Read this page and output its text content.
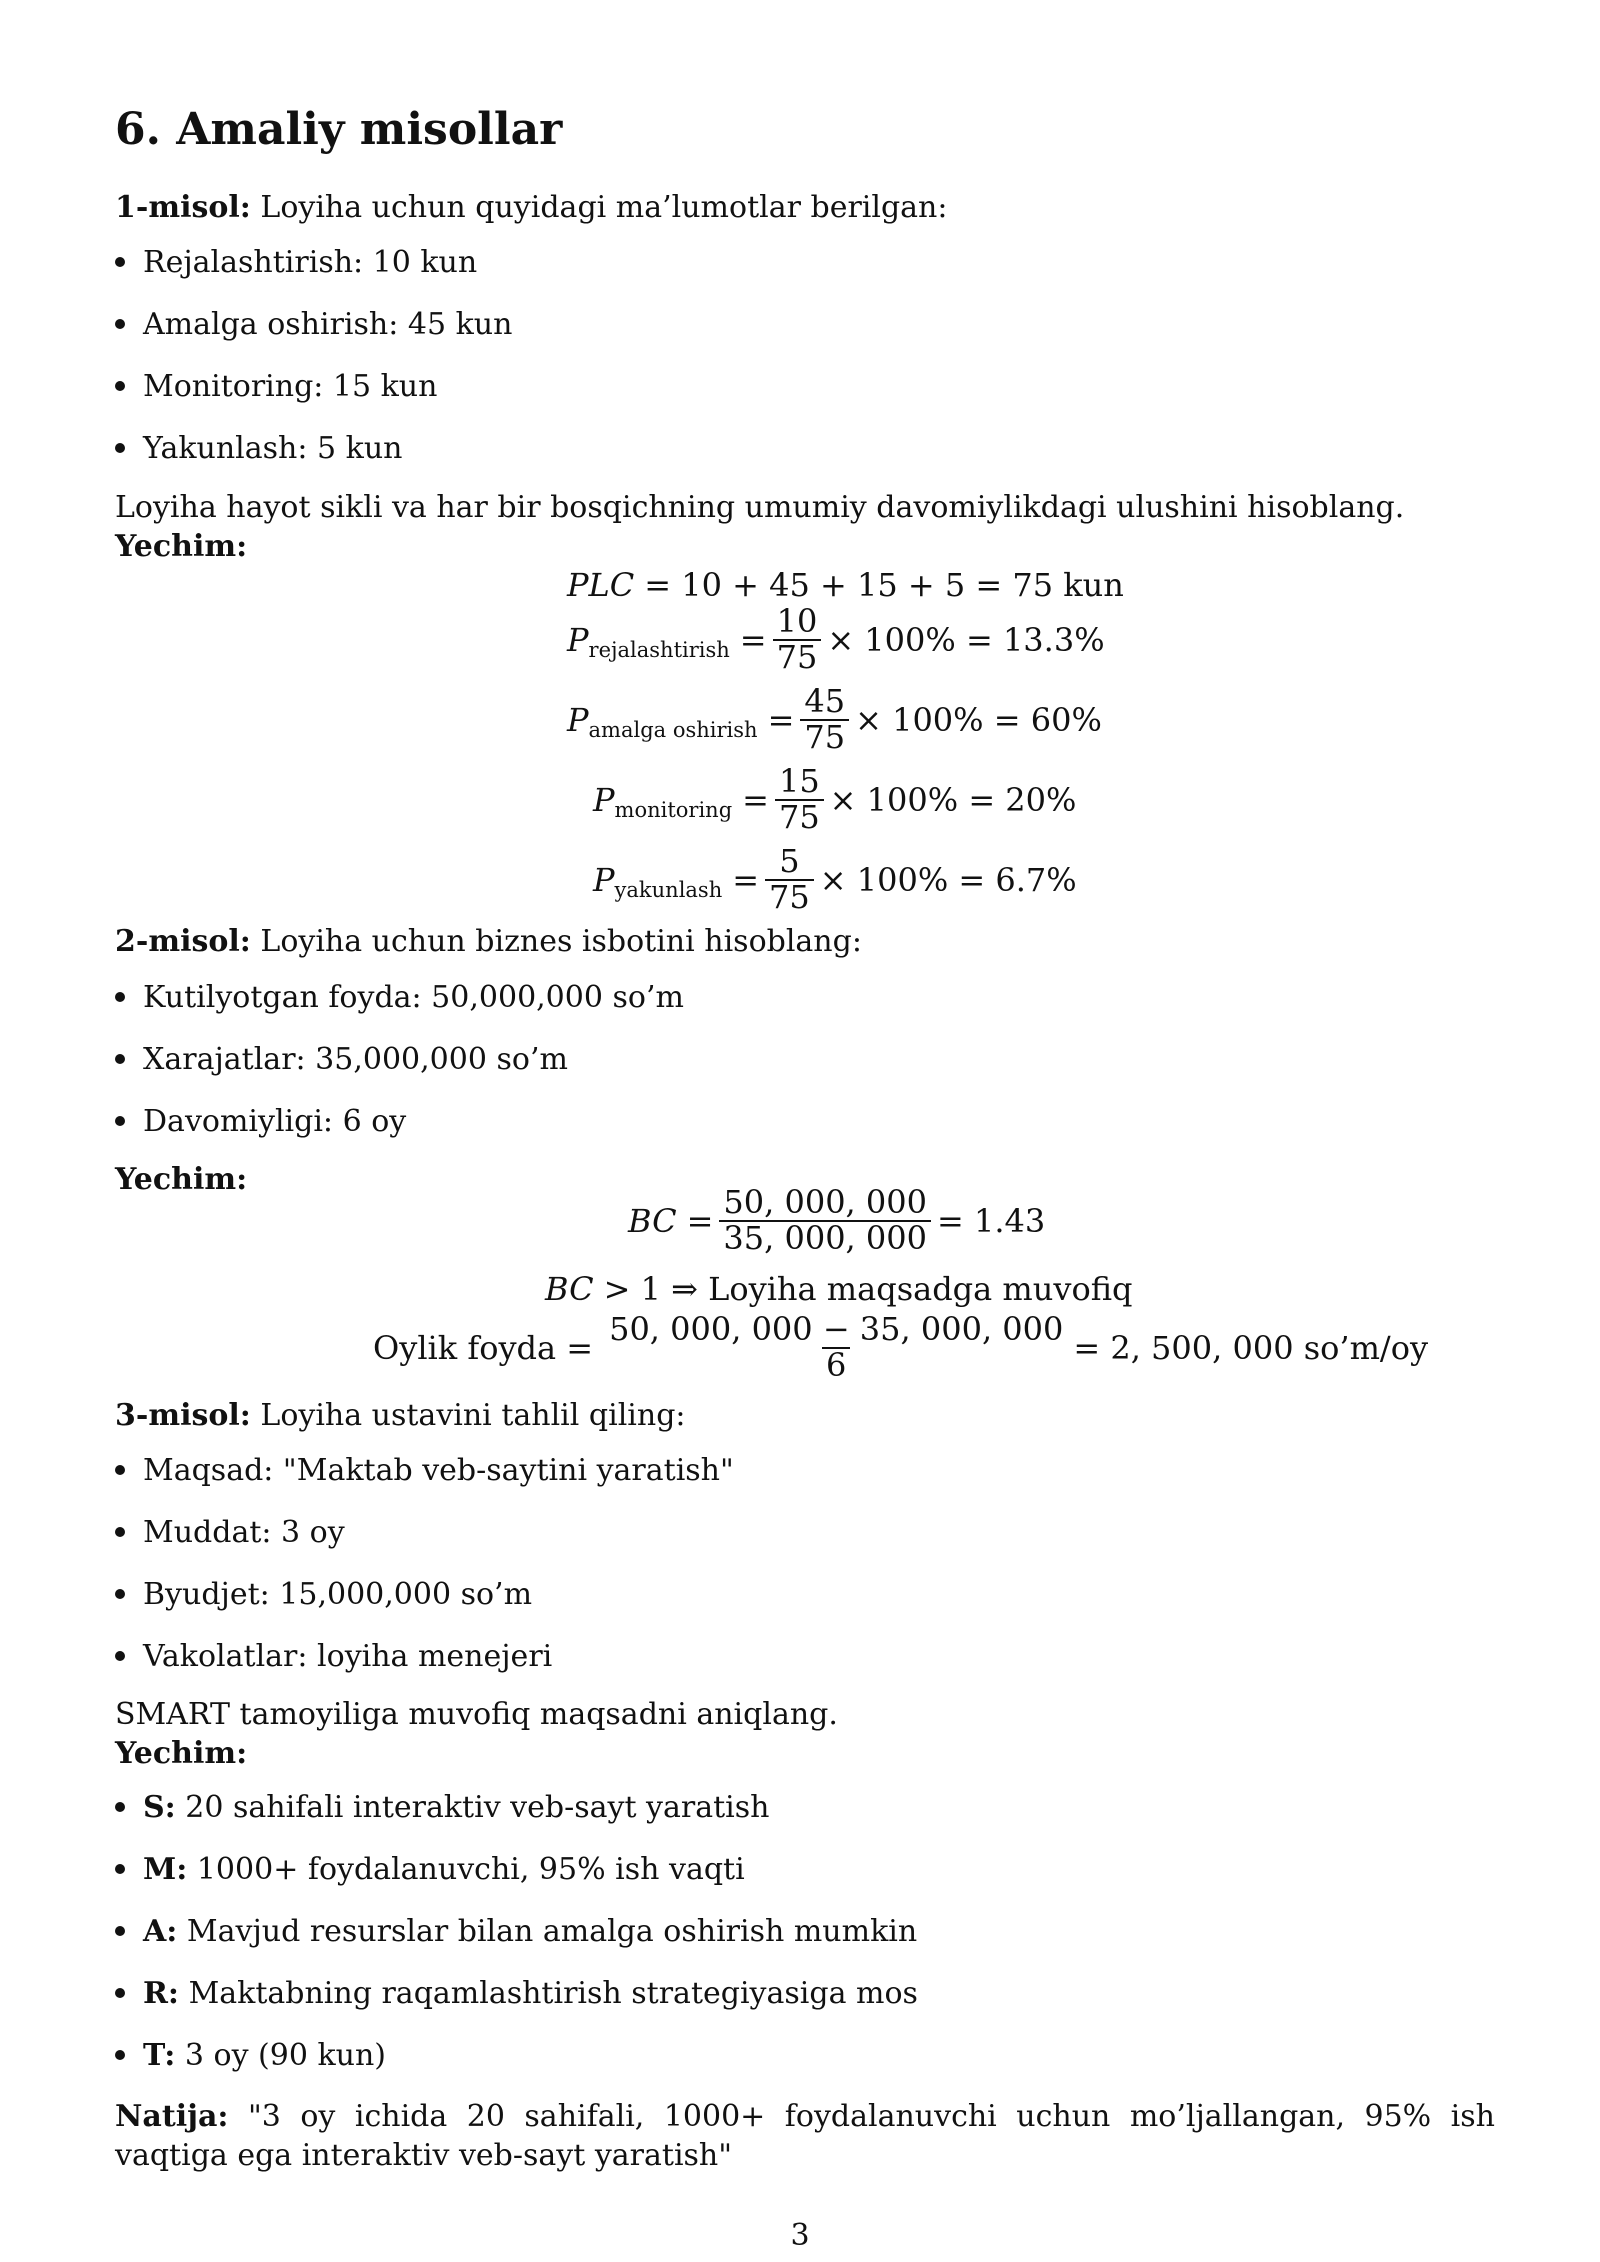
6. Amaliy misollar
1-misol: Loyiha uchun quyidagi ma’lumotlar berilgan:
Rejalashtirish: 10 kun
Amalga oshirish: 45 kun
Monitoring: 15 kun
Yakunlash: 5 kun
Loyiha hayot sikli va har bir bosqichning umumiy davomiylikdagi ulushini hisoblang.
Yechim:
PLC = 10 + 45 + 15 + 5 = 75 kun
P rejalashtirish = $\frac{10}{75} \times 100\% = 13.3\%$
P amalga oshirish = $\frac{45}{75} \times 100\% = 60\%$
P monitoring = $\frac{15}{75} \times 100\% = 20\%$
P yakunlash = $\frac{5}{75} \times 100\% = 6.7\%$
2-misol: Loyiha uchun biznes isbotini hisoblang:
Kutilyotgan foyda: 50,000,000 so’m
Xarajatlar: 35,000,000 so’m
Davomiyligi: 6 oy
Yechim:
BC = $\frac{50, 000, 000}{35, 000, 000} = 1.43$
BC > 1 ⇒ Loyiha maqsadga muvofiq
Oylik foyda = $\frac{50, 000, 000 - 35, 000, 000}{6} = 2$, 500, 000 so’m/oy
3-misol: Loyiha ustavini tahlil qiling:
Maqsad: "Maktab veb-saytini yaratish"
Muddat: 3 oy
Byudjet: 15,000,000 so’m
Vakolatlar: loyiha menejeri
SMART tamoyiliga muvofiq maqsadni aniqlang.
Yechim:
S: 20 sahifali interaktiv veb-sayt yaratish
M: 1000+ foydalanuvchi, 95% ish vaqti
A: Mavjud resurslar bilan amalga oshirish mumkin
R: Maktabning raqamlashtirish strategiyasiga mos
T: 3 oy (90 kun)
Natija: "3 oy ichida 20 sahifali, 1000+ foydalanuvchi uchun mo’ljallangan, 95% ish vaqtiga ega interaktiv veb-sayt yaratish"
3
